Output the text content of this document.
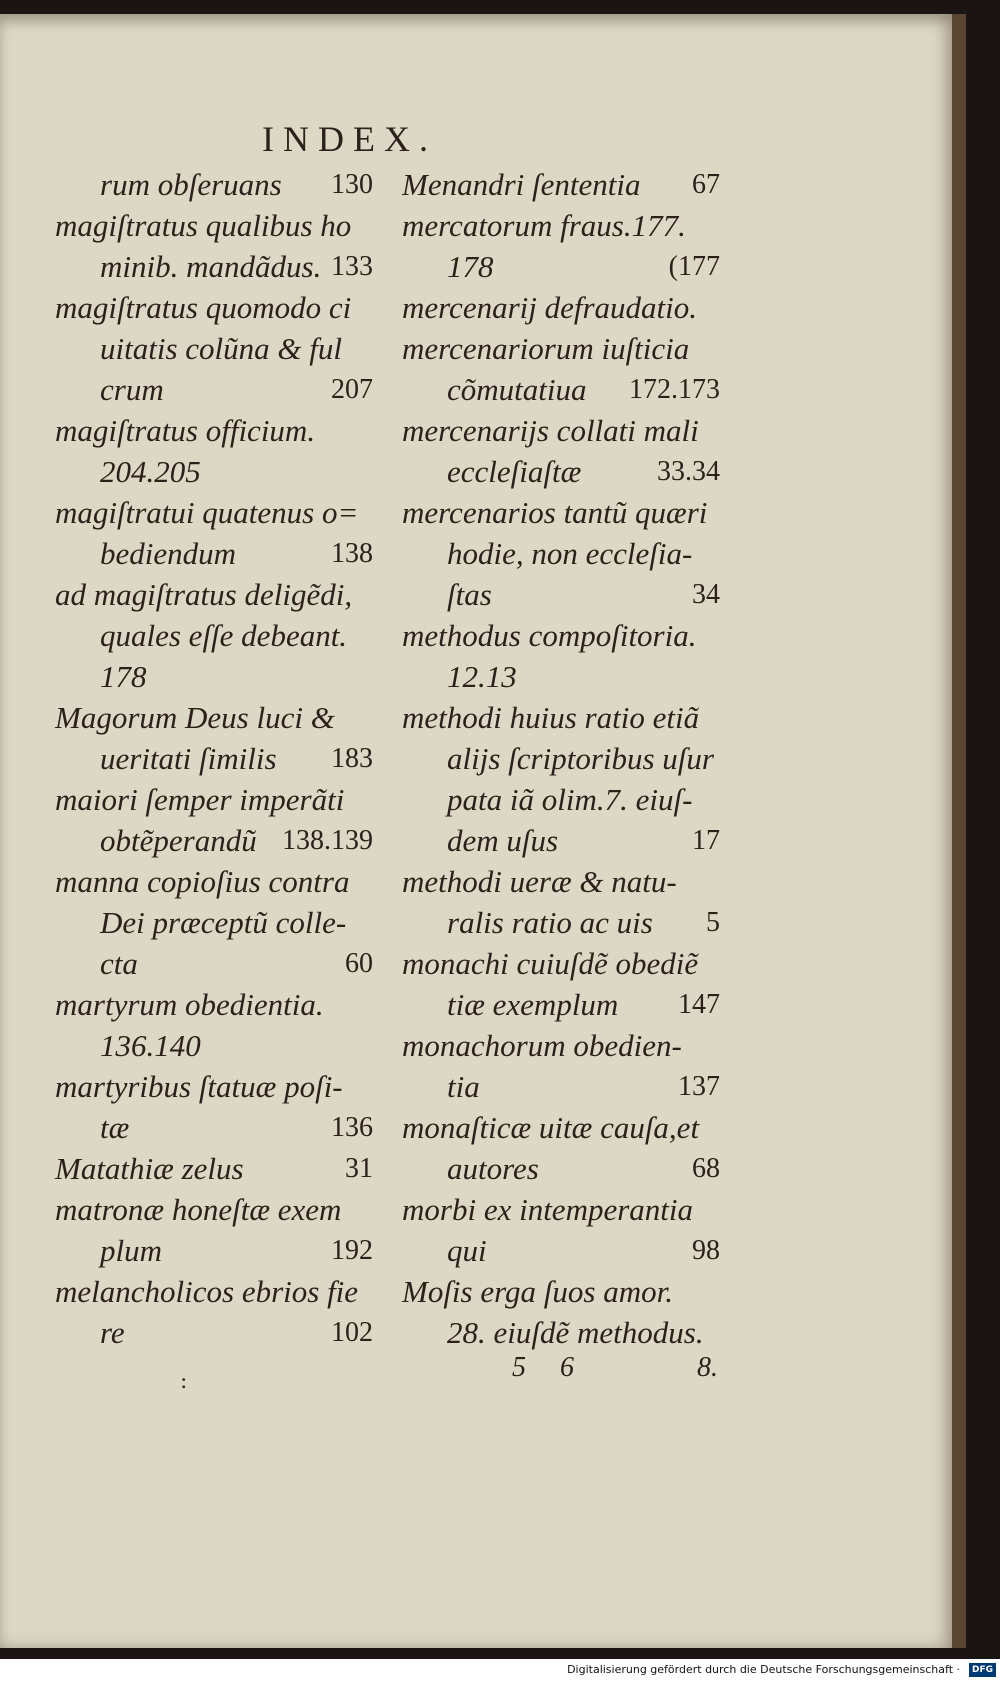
INDEX.
rum obſeruans 130
magiſtratus qualibus ho
minib. mandãdus. 133
magiſtratus quomodo ci
uitatis colũna & ful
crum	207
magiſtratus officium.
204.205
magiſtratui quatenus o=
bediendum	138
ad magiſtratus deligẽdi,
quales eſſe debeant.
178
Magorum Deus luci &
ueritati ſimilis 183
maiori ſemper imperãti
obtẽperandũ 138.139
manna copioſius contra
Dei præceptũ colle-
cta	60
martyrum obedientia.
136.140
martyribus ſtatuæ poſi-
tæ	136
Matathiæ zelus	31
matronæ honeſtæ exem
plum	192
melancholicos ebrios fie
re	102
Menandri ſententia 67
mercatorum fraus.177.
178	(177
mercenarij defraudatio.
mercenariorum iuſticia
cõmutatiua 172.173
mercenarijs collati mali
eccleſiaſtæ	33.34
mercenarios tantũ quæri
hodie, non eccleſia-
ſtas	34
methodus compoſitoria.
12.13
methodi huius ratio etiã
alijs ſcriptoribus uſur
pata iã olim.7. eiuſ-
dem uſus	17
methodi ueræ & natu-
ralis ratio ac uis 5
monachi cuiuſdẽ obediẽ
tiæ exemplum 147
monachorum obedien-
tia	137
monaſticæ uitæ cauſa,et
autores	68
morbi ex intemperantia
qui	98
Moſis erga ſuos amor.
28. eiuſdẽ methodus.
:	5 6	8.
Digitalisierung gefördert durch die Deutsche Forschungsgemeinschaft ·	DFG
